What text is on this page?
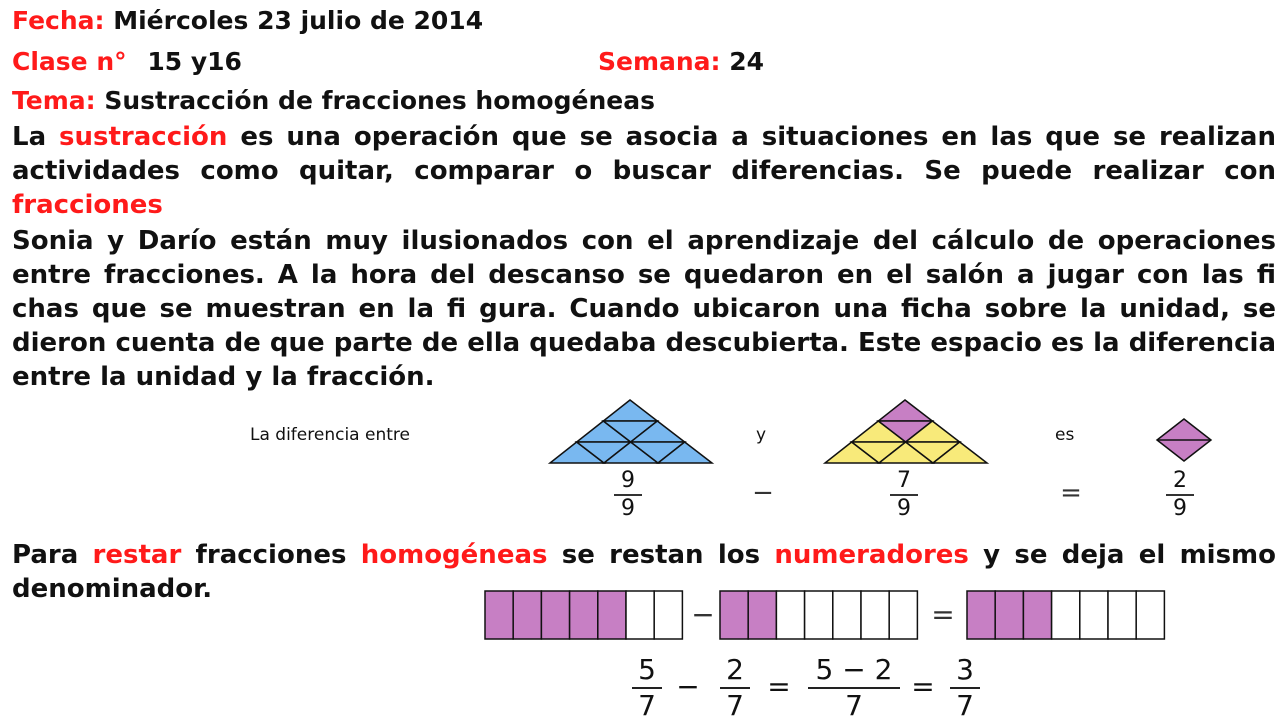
Fecha: Miércoles 23 julio de 2014
Clase n° 15 y16	Semana: 24
Tema: Sustracción de fracciones homogéneas
La sustracción es una operación que se asocia a situaciones en las que se realizan actividades como quitar, comparar o buscar diferencias. Se puede realizar con fracciones
Sonia y Darío están muy ilusionados con el aprendizaje del cálculo de operaciones entre fracciones. A la hora del descanso se quedaron en el salón a jugar con las fi chas que se muestran en la fi gura. Cuando ubicaron una ficha sobre la unidad, se dieron cuenta de que parte de ella quedaba descubierta. Este espacio es la diferencia entre la unidad y la fracción.
La diferencia entre	y	es
9
9
−	7
9
=	2
9
Para restar fracciones homogéneas se restan los numeradores y se deja el mismo denominador.
−	=
5
7
−
2
7
=
5 − 2
7
=
3
7
